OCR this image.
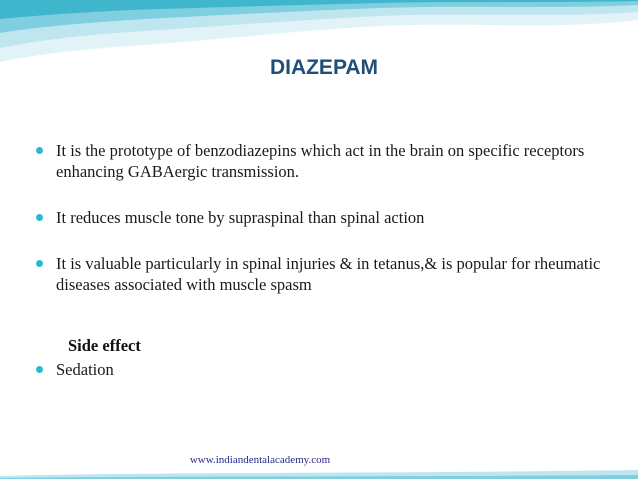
DIAZEPAM
It is the prototype of benzodiazepins which act in the brain on specific receptors enhancing GABAergic transmission.
It reduces muscle tone by supraspinal than spinal action
It is valuable particularly in spinal injuries & in tetanus,& is popular for rheumatic diseases associated with muscle spasm
Side effect
Sedation
www.indiandentalacademy.com
